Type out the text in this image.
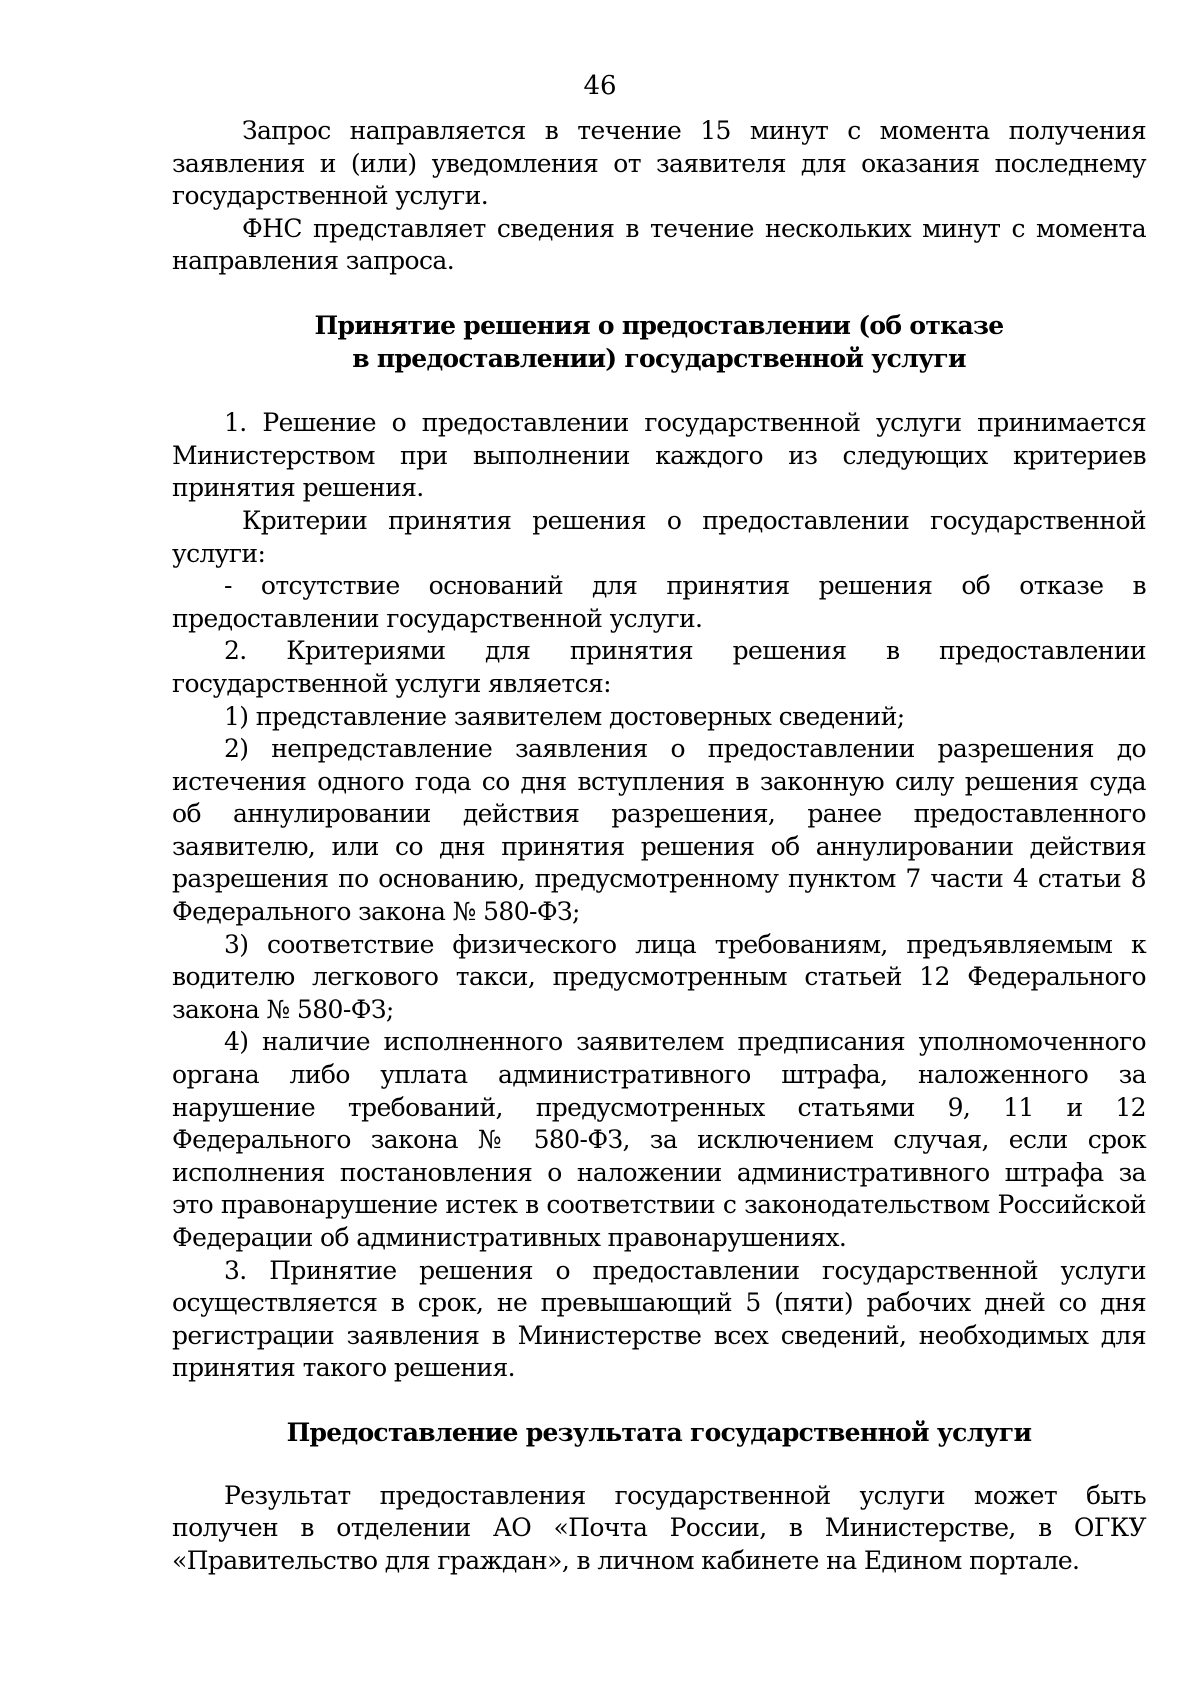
46

Запрос направляется в течение 15 минут с момента получения заявления и (или) уведомления от заявителя для оказания последнему государственной услуги.

ФНС представляет сведения в течение нескольких минут с момента направления запроса.

Принятие решения о предоставлении (об отказе
в предоставлении) государственной услуги

1. Решение о предоставлении государственной услуги принимается Министерством при выполнении каждого из следующих критериев принятия решения.

Критерии принятия решения о предоставлении государственной услуги:

- отсутствие оснований для принятия решения об отказе в предоставлении государственной услуги.

2. Критериями для принятия решения в предоставлении государственной услуги является:

1) представление заявителем достоверных сведений;

2) непредставление заявления о предоставлении разрешения до истечения одного года со дня вступления в законную силу решения суда об аннулировании действия разрешения, ранее предоставленного заявителю, или со дня принятия решения об аннулировании действия разрешения по основанию, предусмотренному пунктом 7 части 4 статьи 8 Федерального закона № 580-ФЗ;

3) соответствие физического лица требованиям, предъявляемым к водителю легкового такси, предусмотренным статьей 12 Федерального закона № 580-ФЗ;

4) наличие исполненного заявителем предписания уполномоченного органа либо уплата административного штрафа, наложенного за нарушение требований, предусмотренных статьями 9, 11 и 12 Федерального закона № 580-ФЗ, за исключением случая, если срок исполнения постановления о наложении административного штрафа за это правонарушение истек в соответствии с законодательством Российской Федерации об административных правонарушениях.

3. Принятие решения о предоставлении государственной услуги осуществляется в срок, не превышающий 5 (пяти) рабочих дней со дня регистрации заявления в Министерстве всех сведений, необходимых для принятия такого решения.

Предоставление результата государственной услуги

Результат предоставления государственной услуги может быть получен в отделении АО «Почта России, в Министерстве, в ОГКУ «Правительство для граждан», в личном кабинете на Едином портале.
